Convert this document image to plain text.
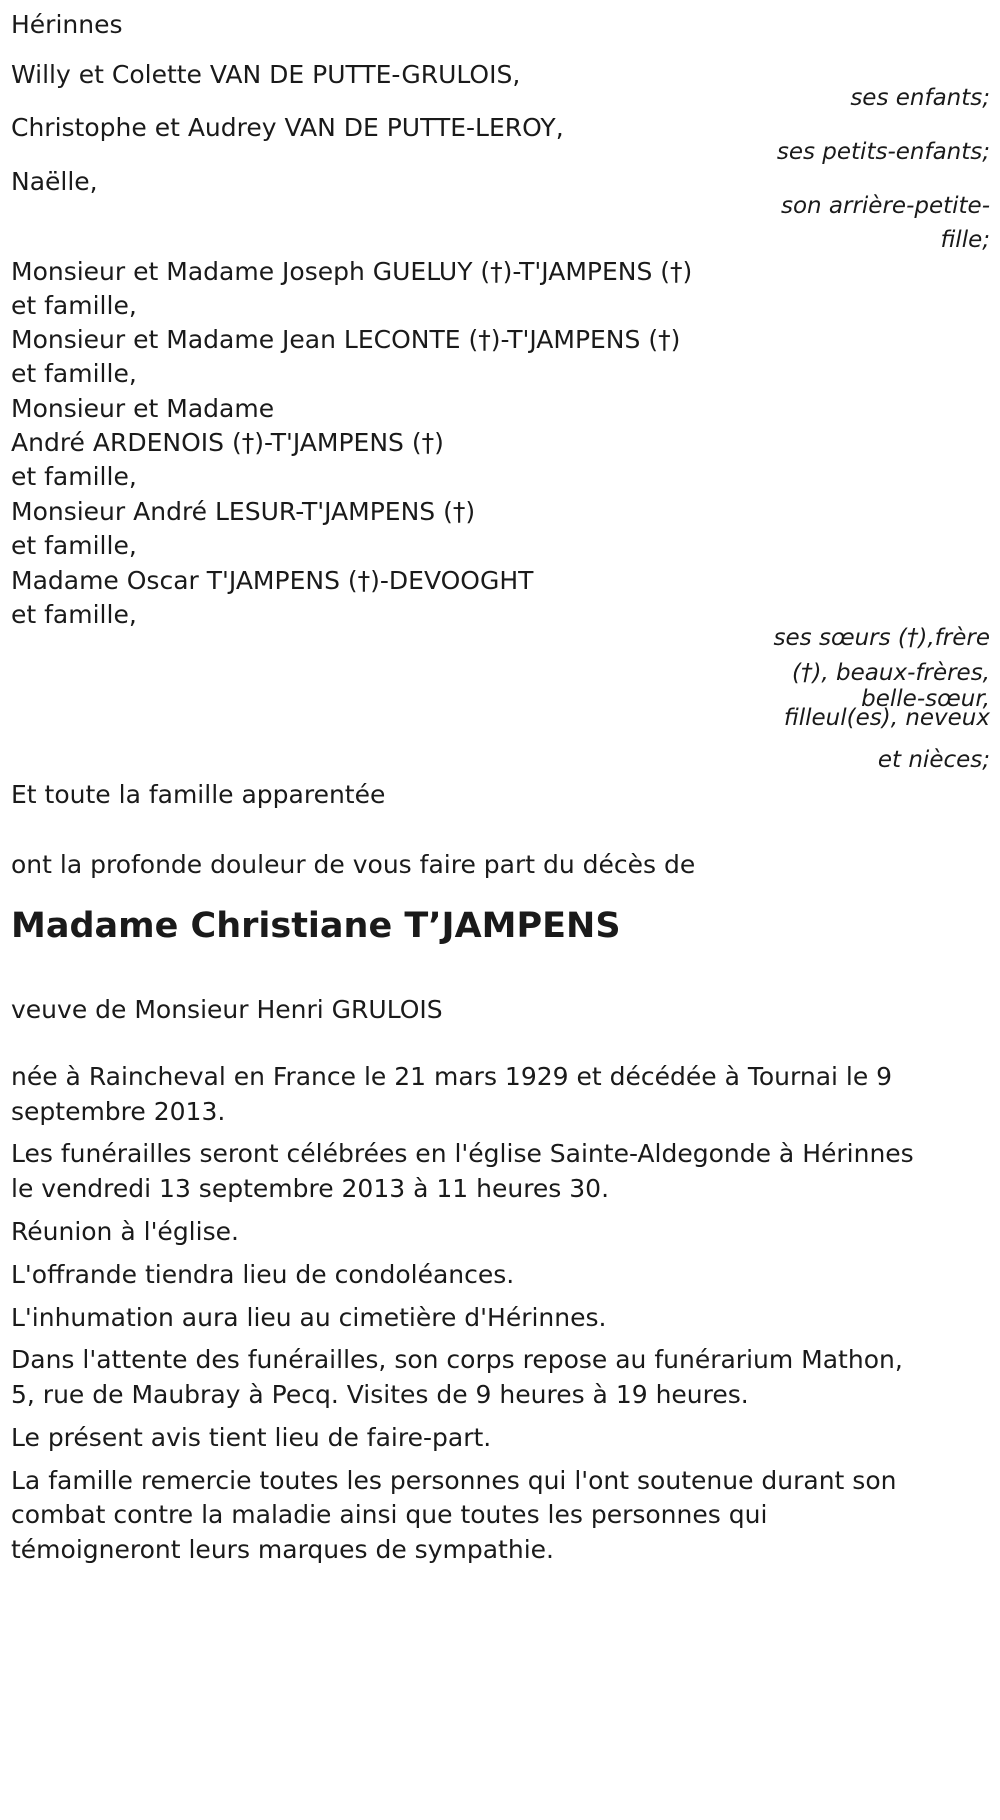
Hérinnes

Willy et Colette VAN DE PUTTE-GRULOIS,

ses enfants;

Christophe et Audrey VAN DE PUTTE-LEROY,

ses petits-enfants;

Naëlle,

son arrière-petite-

fille;

Monsieur et Madame Joseph GUELUY (†)-T'JAMPENS (†)

et famille,

Monsieur et Madame Jean LECONTE (†)-T'JAMPENS (†)

et famille,

Monsieur et Madame

André ARDENOIS (†)-T'JAMPENS (†)

et famille,

Monsieur André LESUR-T'JAMPENS (†)

et famille,

Madame Oscar T'JAMPENS (†)-DEVOOGHT

et famille,

ses sœurs (†),frère

(†), beaux-frères,

belle-sœur,

filleul(es), neveux

et nièces;

Et toute la famille apparentée

ont la profonde douleur de vous faire part du décès de

Madame Christiane T’JAMPENS

veuve de Monsieur Henri GRULOIS

née à Raincheval en France le 21 mars 1929 et décédée à Tournai le 9

septembre 2013.

Les funérailles seront célébrées en l'église Sainte-Aldegonde à Hérinnes

le vendredi 13 septembre 2013 à 11 heures 30.

Réunion à l'église.

L'offrande tiendra lieu de condoléances.

L'inhumation aura lieu au cimetière d'Hérinnes.

Dans l'attente des funérailles, son corps repose au funérarium Mathon,

5, rue de Maubray à Pecq. Visites de 9 heures à 19 heures.

Le présent avis tient lieu de faire-part.

La famille remercie toutes les personnes qui l'ont soutenue durant son

combat contre la maladie ainsi que toutes les personnes qui

témoigneront leurs marques de sympathie.
